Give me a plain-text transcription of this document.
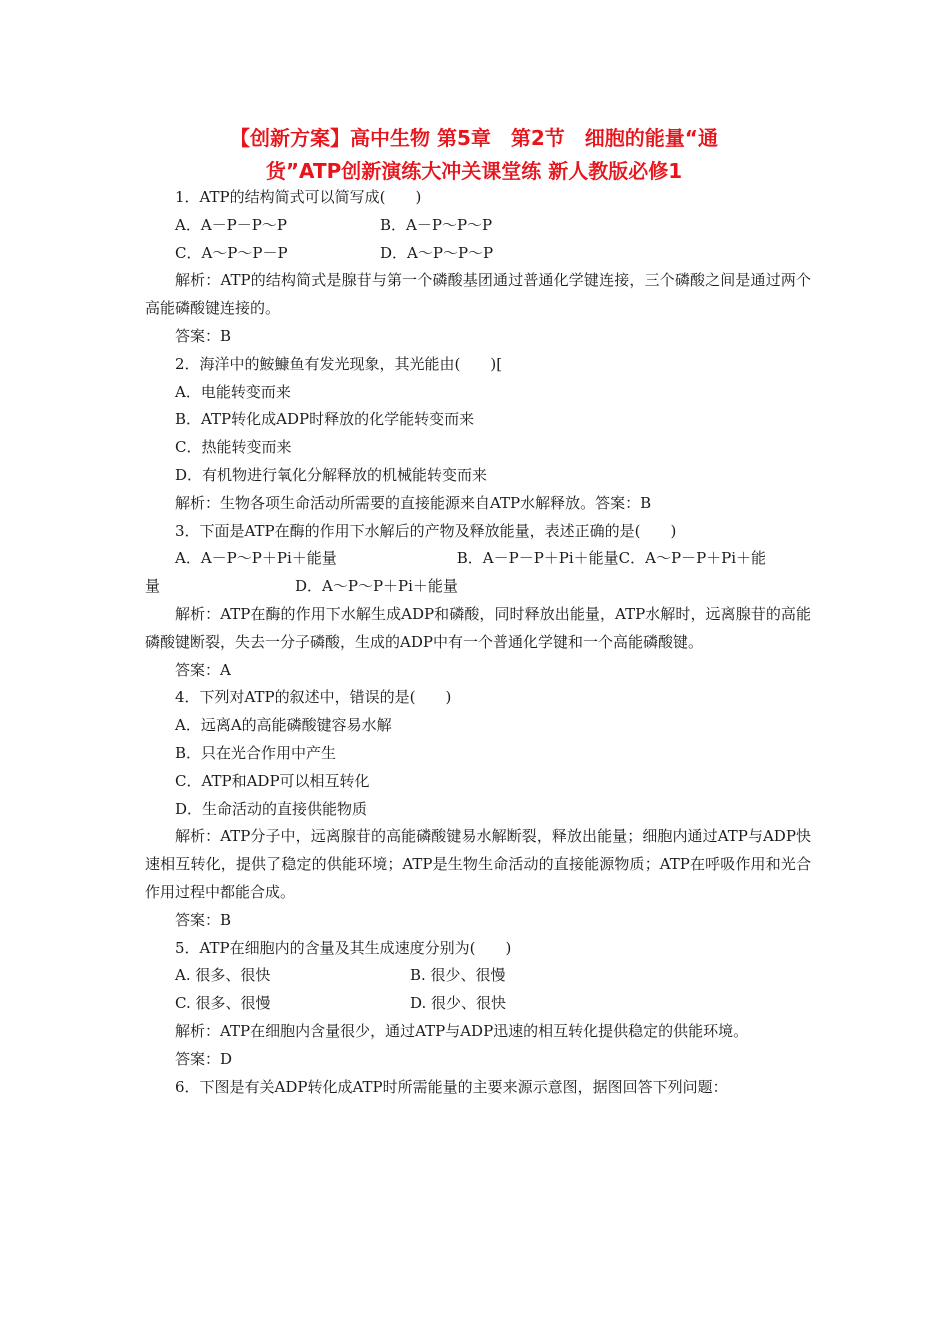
【创新方案】高中生物 第5章　第2节　细胞的能量“通
货”ATP创新演练大冲关课堂练 新人教版必修1
1．ATP的结构简式可以简写成(　　)
A．A－P－P～P	B．A－P～P～P
C．A～P～P－P	D．A～P～P～P
解析：ATP的结构简式是腺苷与第一个磷酸基团通过普通化学键连接，三个磷酸之间是通过两个高能磷酸键连接的。
答案：B
2．海洋中的鮟鱇鱼有发光现象，其光能由(　　)[
A．电能转变而来
B．ATP转化成ADP时释放的化学能转变而来
C．热能转变而来
D．有机物进行氧化分解释放的机械能转变而来
解析：生物各项生命活动所需要的直接能源来自ATP水解释放。答案：B
3．下面是ATP在酶的作用下水解后的产物及释放能量，表述正确的是(　　)
A．A－P～P＋Pi＋能量　　　　　　　　B．A－P－P＋Pi＋能量C．A～P－P＋Pi＋能
量　　　　　　　　　D．A～P～P＋Pi＋能量
解析：ATP在酶的作用下水解生成ADP和磷酸，同时释放出能量，ATP水解时，远离腺苷的高能磷酸键断裂，失去一分子磷酸，生成的ADP中有一个普通化学键和一个高能磷酸键。
答案：A
4．下列对ATP的叙述中，错误的是(　　)
A．远离A的高能磷酸键容易水解
B．只在光合作用中产生
C．ATP和ADP可以相互转化
D．生命活动的直接供能物质
解析：ATP分子中，远离腺苷的高能磷酸键易水解断裂，释放出能量；细胞内通过ATP与ADP快速相互转化，提供了稳定的供能环境；ATP是生物生命活动的直接能源物质；ATP在呼吸作用和光合作用过程中都能合成。
答案：B
5．ATP在细胞内的含量及其生成速度分别为(　　)
A. 很多、很快	B. 很少、很慢
C. 很多、很慢	D. 很少、很快
解析：ATP在细胞内含量很少，通过ATP与ADP迅速的相互转化提供稳定的供能环境。
答案：D
6．下图是有关ADP转化成ATP时所需能量的主要来源示意图，据图回答下列问题：
